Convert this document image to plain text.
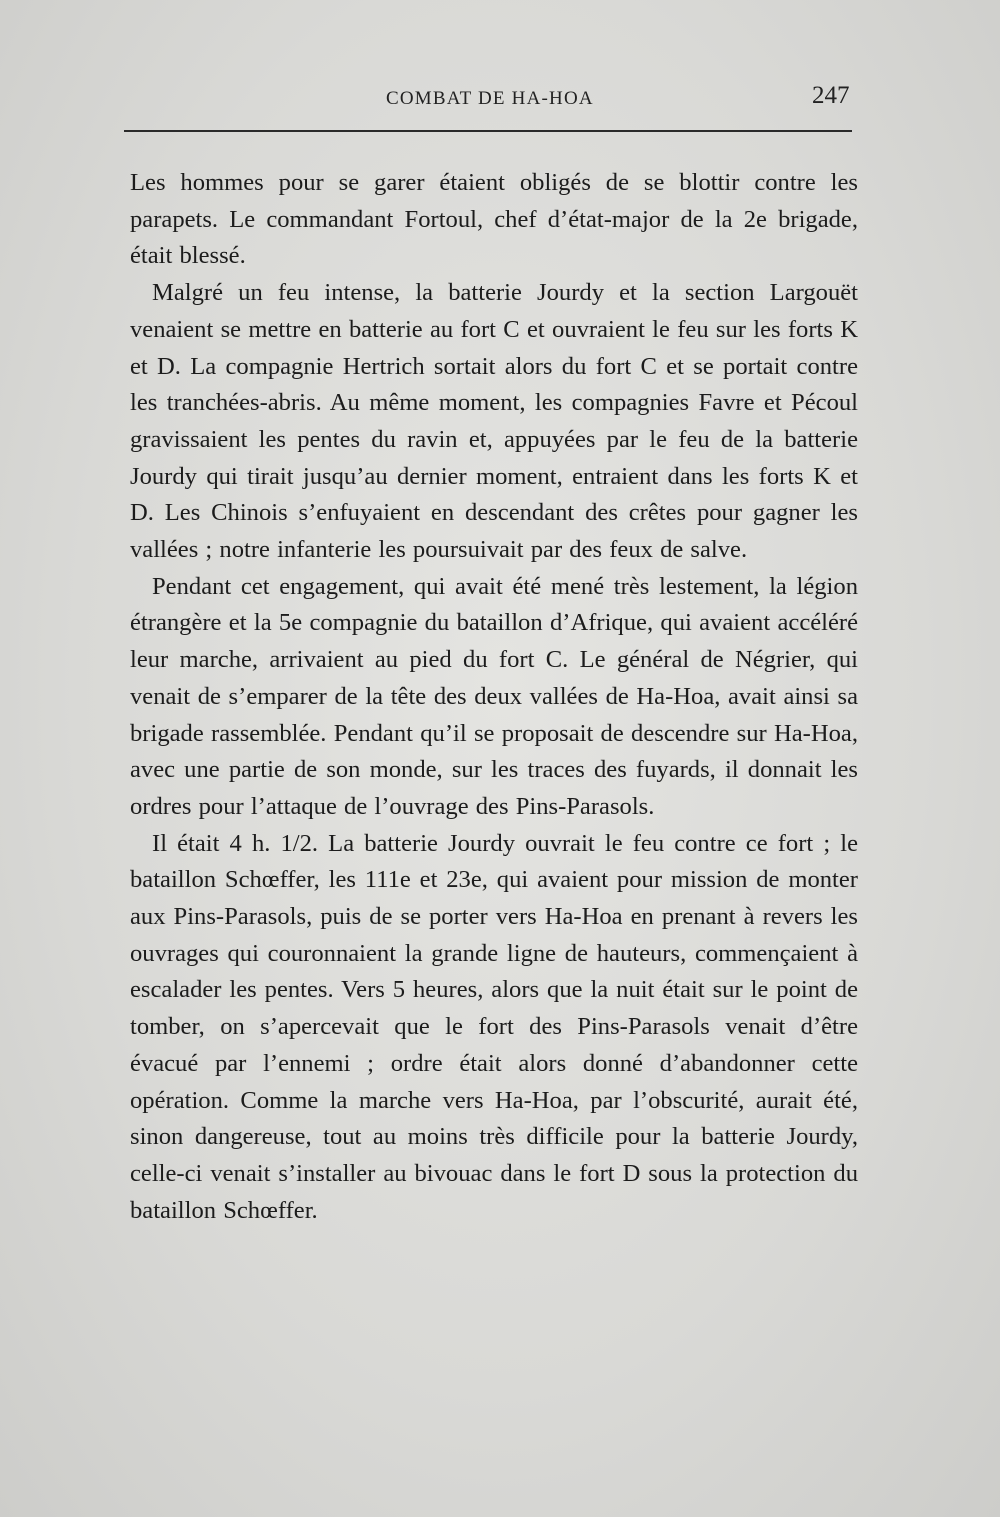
COMBAT DE HA-HOA	247

Les hommes pour se garer étaient obligés de se blottir contre les parapets. Le commandant Fortoul, chef d’état-major de la 2e brigade, était blessé.

Malgré un feu intense, la batterie Jourdy et la section Largouët venaient se mettre en batterie au fort C et ouvraient le feu sur les forts K et D. La compagnie Hertrich sortait alors du fort C et se portait contre les tranchées-abris. Au même moment, les compagnies Favre et Pécoul gravissaient les pentes du ravin et, appuyées par le feu de la batterie Jourdy qui tirait jusqu’au dernier moment, entraient dans les forts K et D. Les Chinois s’enfuyaient en descendant des crêtes pour gagner les vallées ; notre infanterie les poursuivait par des feux de salve.

Pendant cet engagement, qui avait été mené très lestement, la légion étrangère et la 5e compagnie du bataillon d’Afrique, qui avaient accéléré leur marche, arrivaient au pied du fort C. Le général de Négrier, qui venait de s’emparer de la tête des deux vallées de Ha-Hoa, avait ainsi sa brigade rassemblée. Pendant qu’il se proposait de descendre sur Ha-Hoa, avec une partie de son monde, sur les traces des fuyards, il donnait les ordres pour l’attaque de l’ouvrage des Pins-Parasols.

Il était 4 h. 1/2. La batterie Jourdy ouvrait le feu contre ce fort ; le bataillon Schœffer, les 111e et 23e, qui avaient pour mission de monter aux Pins-Parasols, puis de se porter vers Ha-Hoa en prenant à revers les ouvrages qui couronnaient la grande ligne de hauteurs, commençaient à escalader les pentes. Vers 5 heures, alors que la nuit était sur le point de tomber, on s’apercevait que le fort des Pins-Parasols venait d’être évacué par l’ennemi ; ordre était alors donné d’abandonner cette opération. Comme la marche vers Ha-Hoa, par l’obscurité, aurait été, sinon dangereuse, tout au moins très difficile pour la batterie Jourdy, celle-ci venait s’installer au bivouac dans le fort D sous la protection du bataillon Schœffer.
